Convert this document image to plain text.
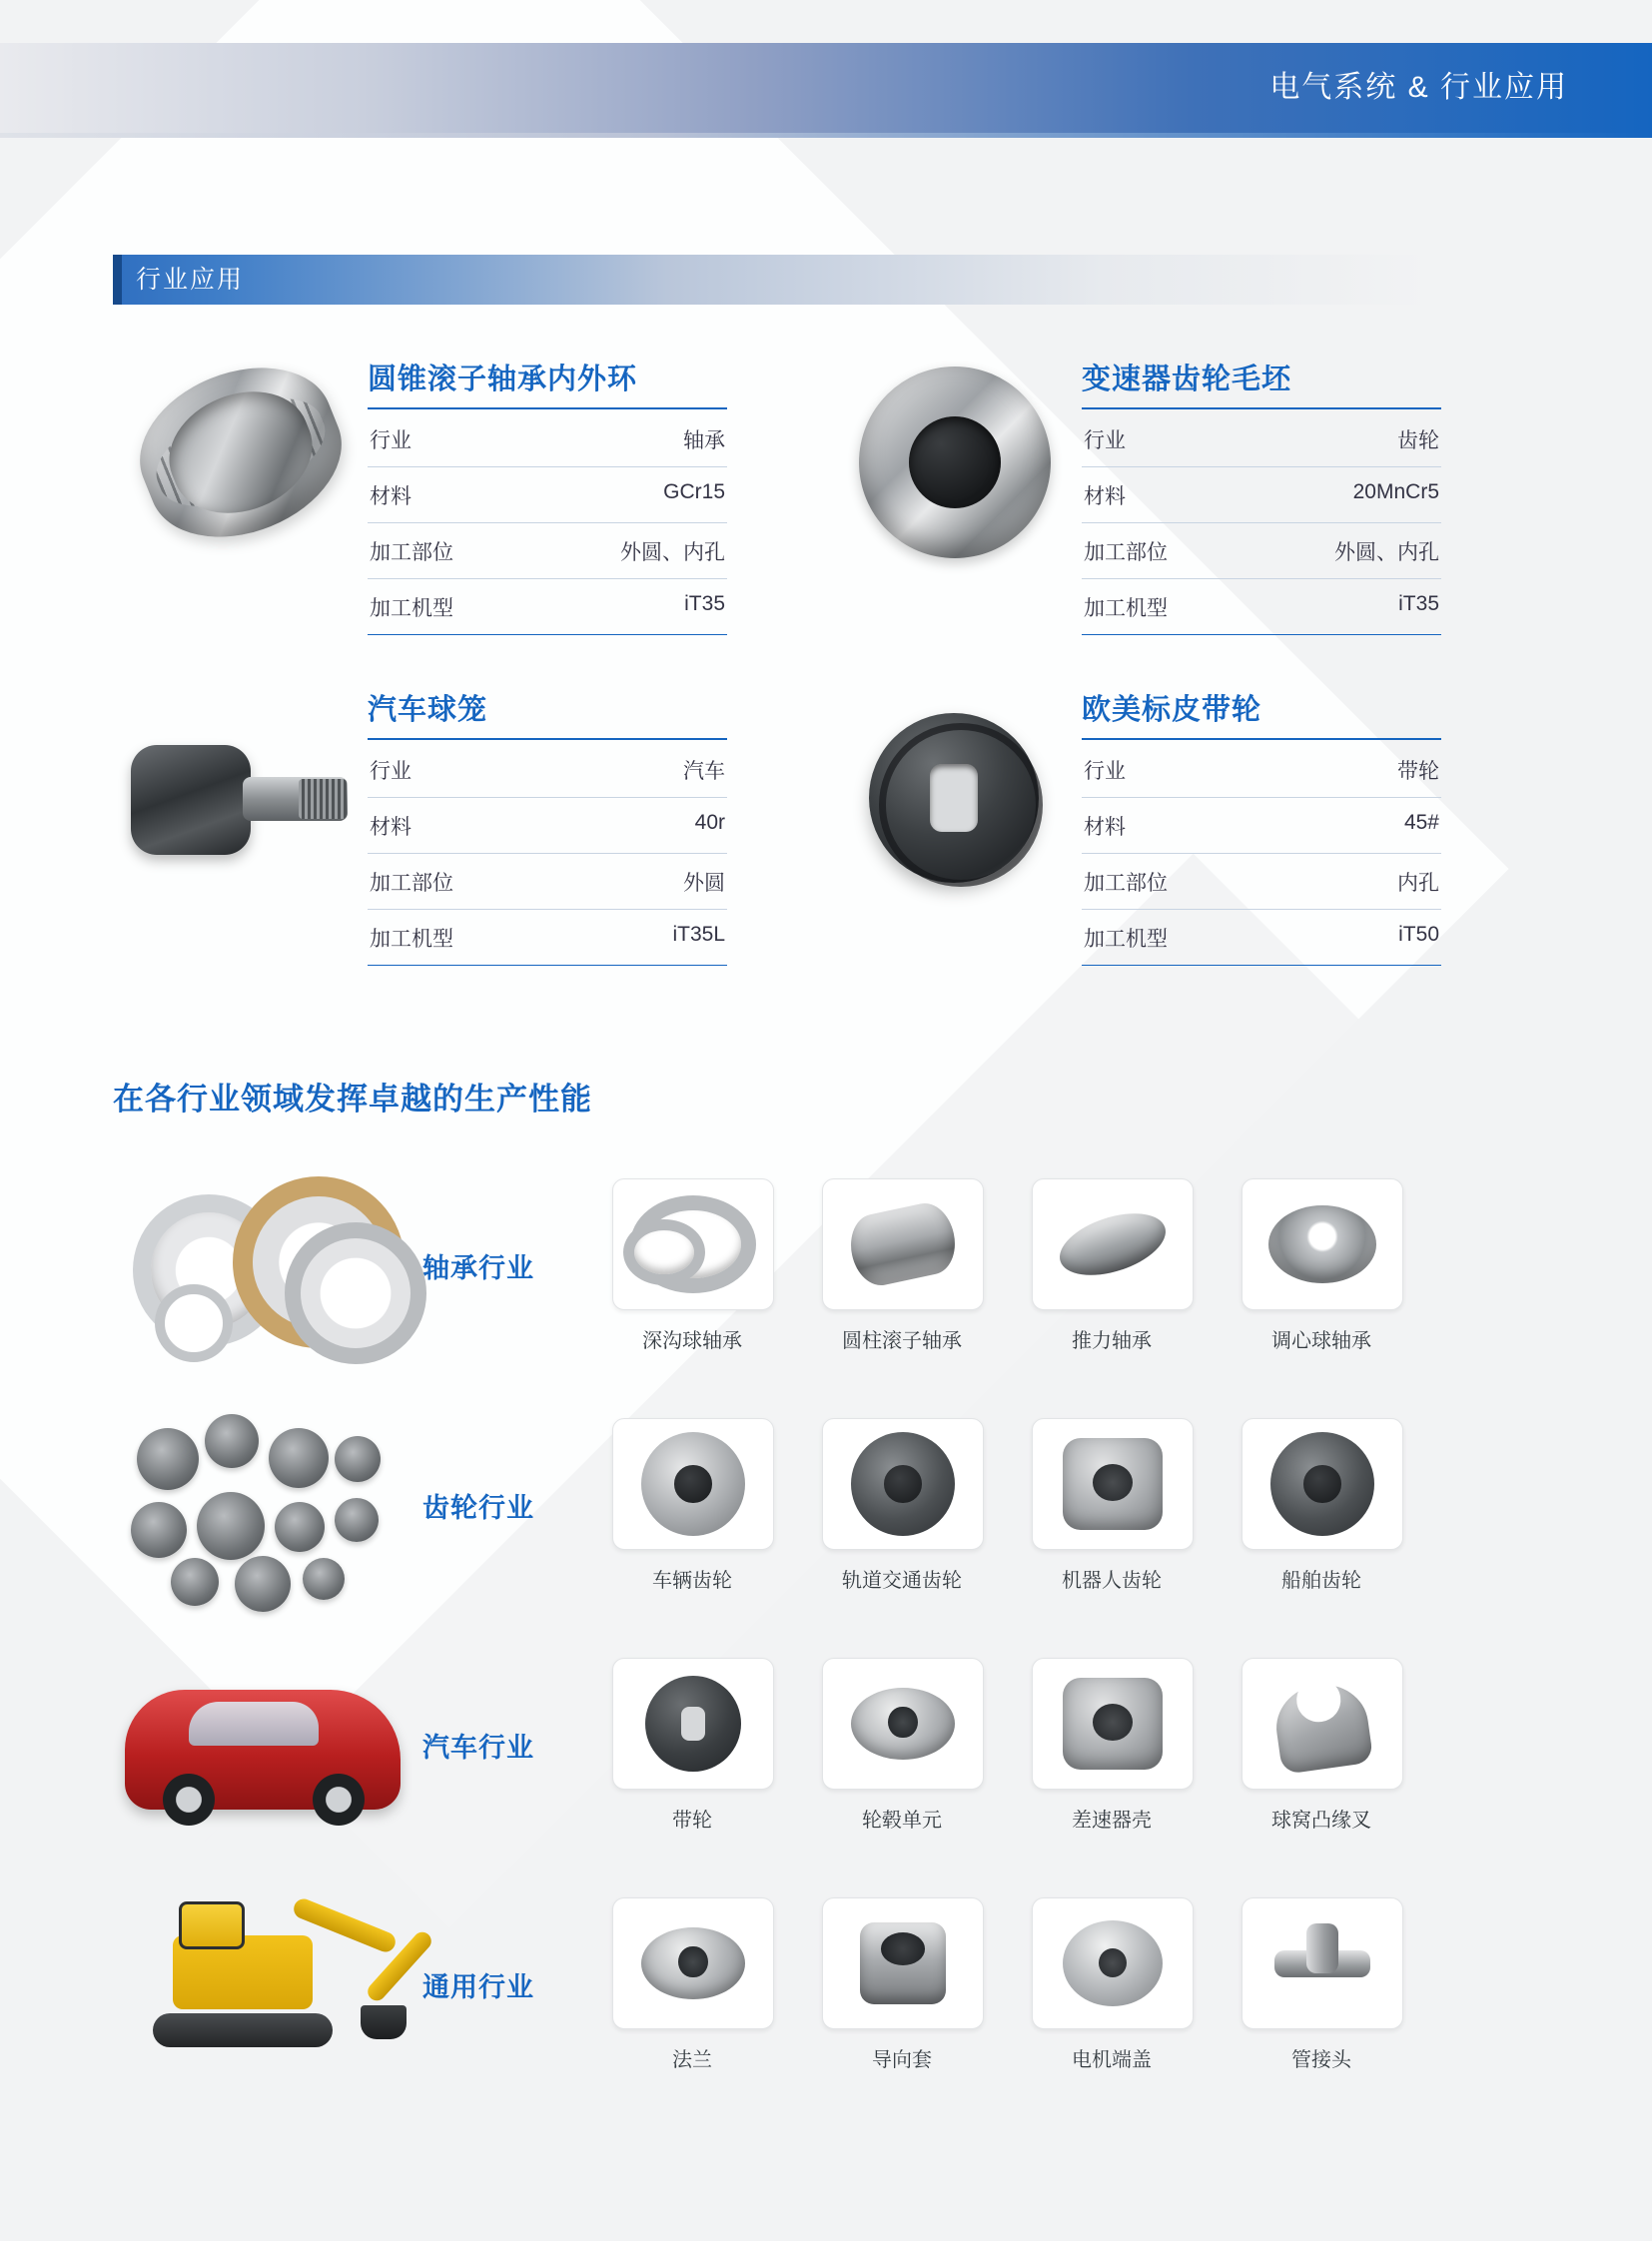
电气系统 & 行业应用
行业应用
圆锥滚子轴承内外环
行业	轴承
材料	GCr15
加工部位	外圆、内孔
加工机型	iT35
变速器齿轮毛坯
行业	齿轮
材料	20MnCr5
加工部位	外圆、内孔
加工机型	iT35
汽车球笼
行业	汽车
材料	40r
加工部位	外圆
加工机型	iT35L
欧美标皮带轮
行业	带轮
材料	45#
加工部位	内孔
加工机型	iT50
在各行业领域发挥卓越的生产性能
轴承行业
深沟球轴承	圆柱滚子轴承	推力轴承	调心球轴承
齿轮行业
车辆齿轮	轨道交通齿轮	机器人齿轮	船舶齿轮
汽车行业
带轮	轮毂单元	差速器壳	球窝凸缘叉
通用行业
法兰	导向套	电机端盖	管接头
